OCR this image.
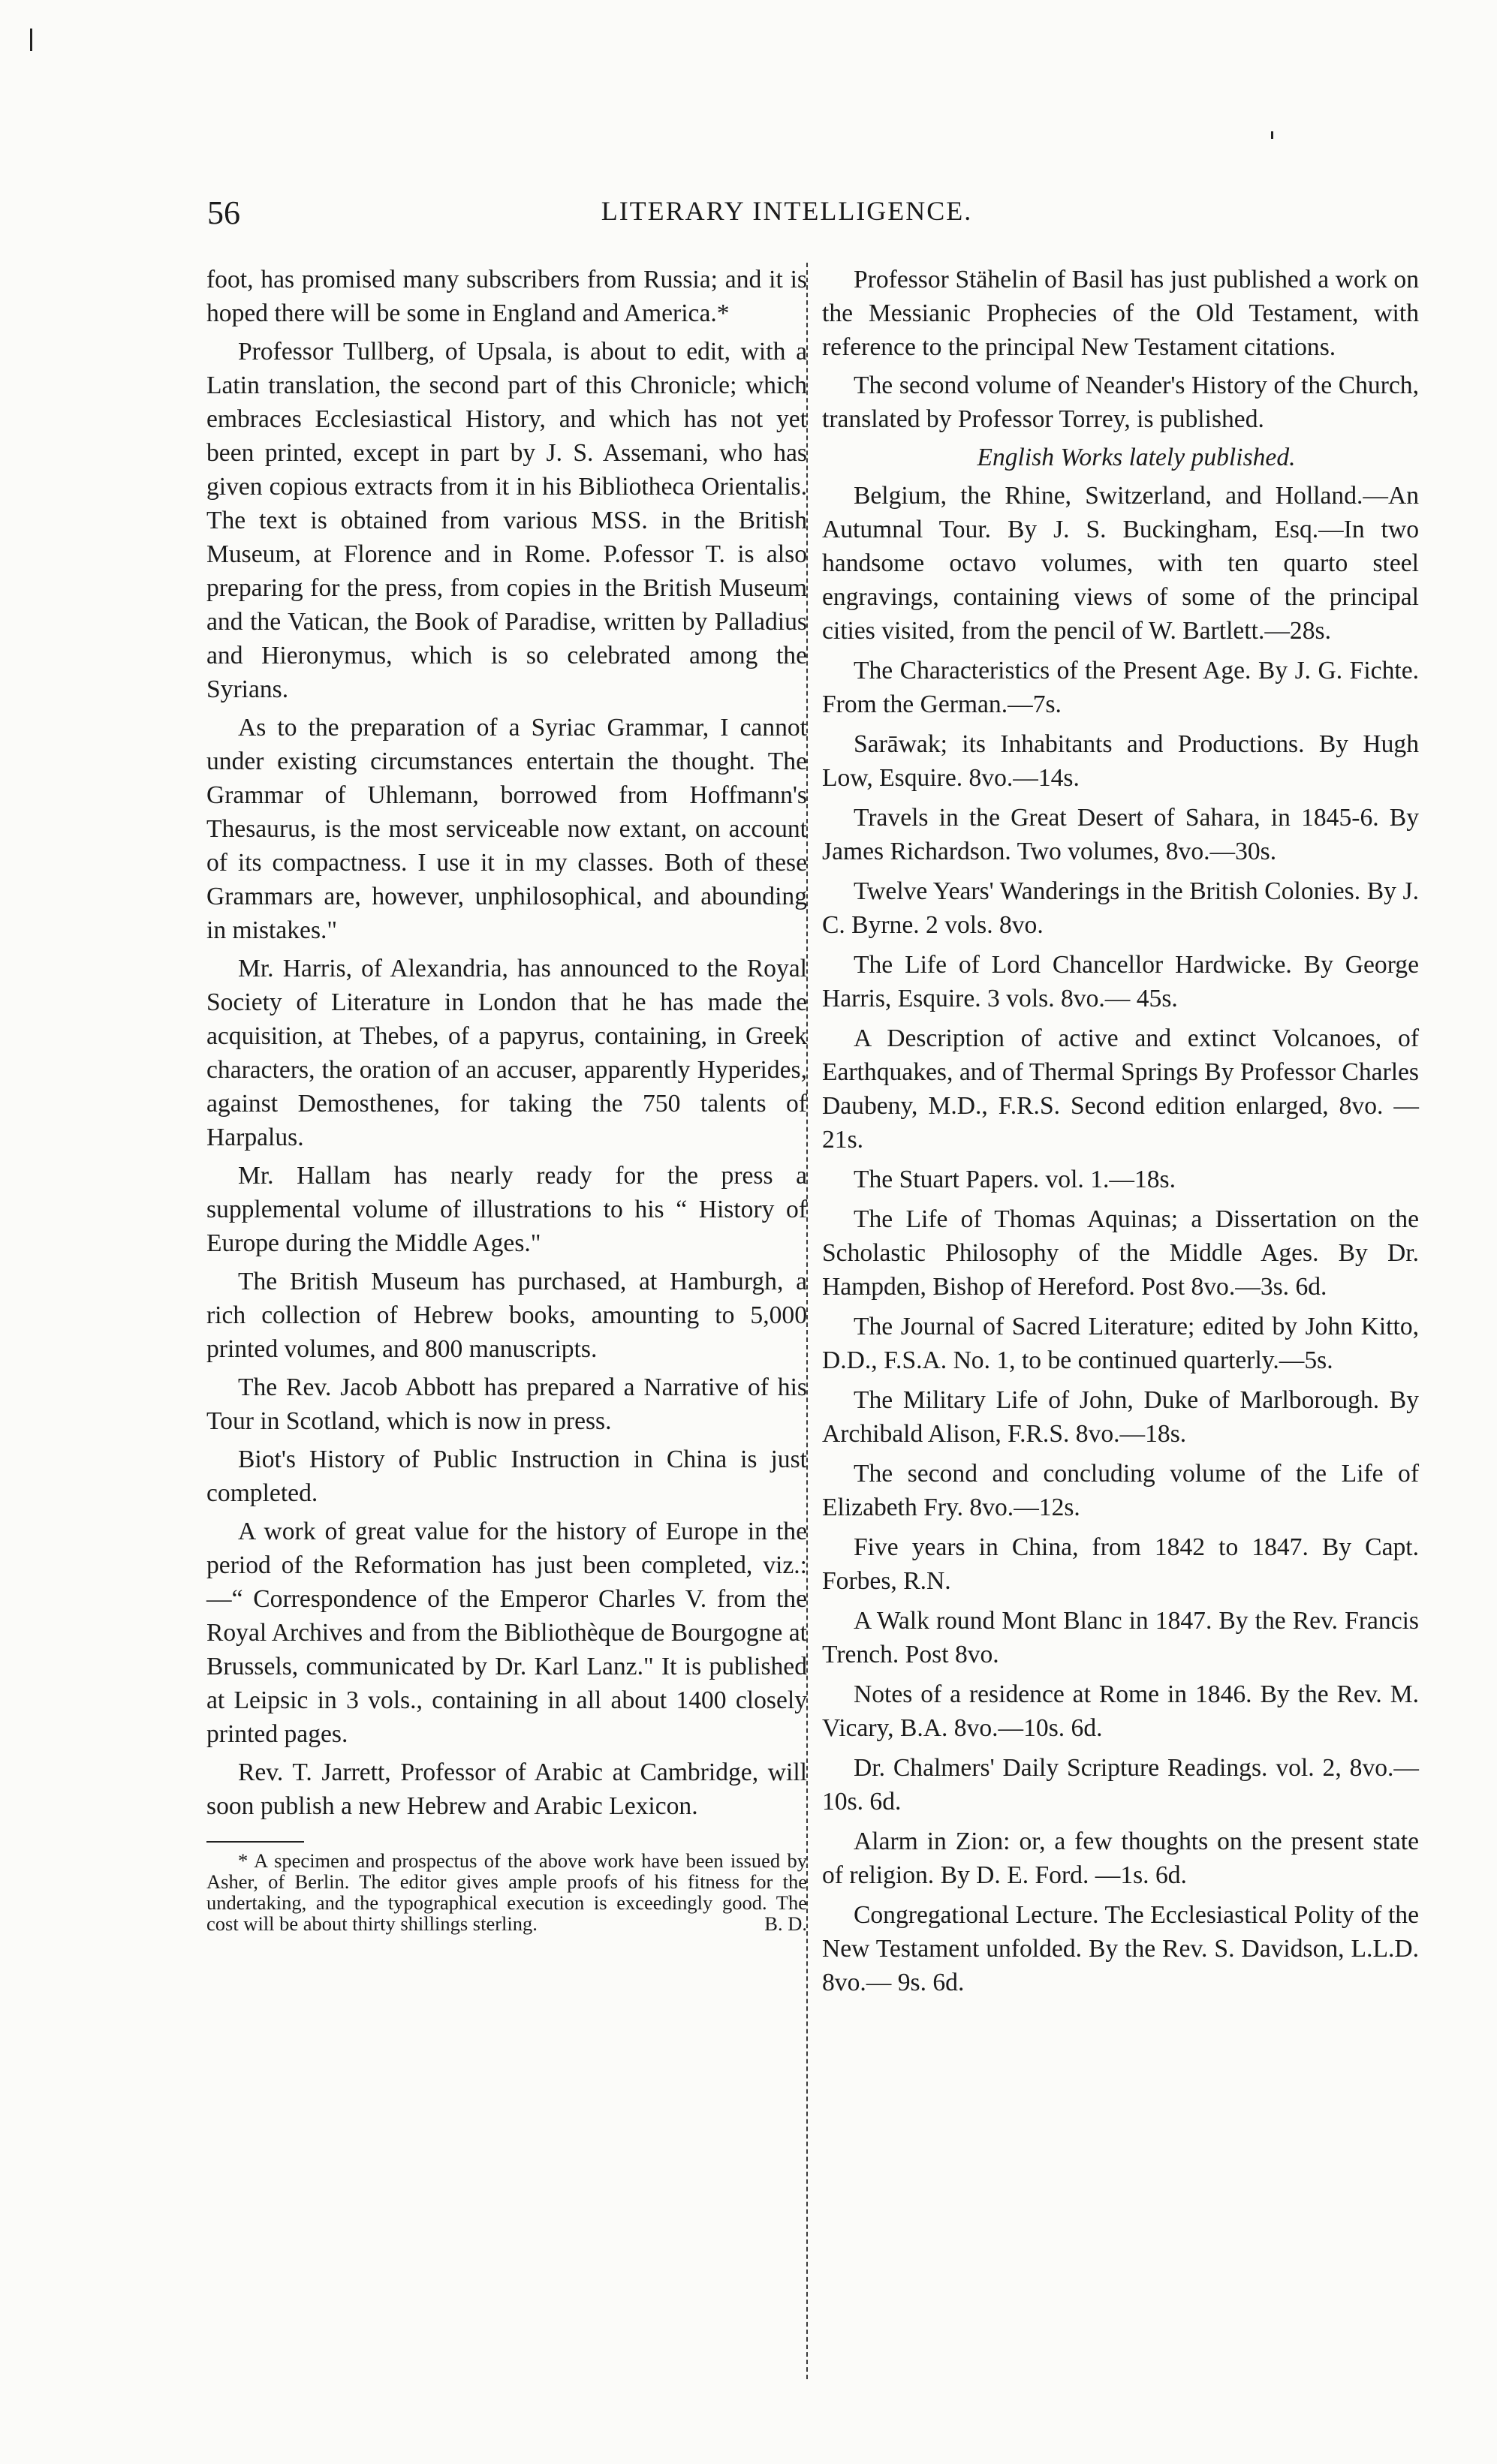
56	LITERARY INTELLIGENCE.

foot, has promised many subscribers from Russia; and it is hoped there will be some in England and America.*

Professor Tullberg, of Upsala, is about to edit, with a Latin translation, the second part of this Chronicle; which embraces Ecclesiastical History, and which has not yet been printed, except in part by J. S. Assemani, who has given copious extracts from it in his Bibliotheca Orientalis. The text is obtained from various MSS. in the British Museum, at Florence and in Rome. P.ofessor T. is also preparing for the press, from copies in the British Museum and the Vatican, the Book of Paradise, written by Palladius and Hieronymus, which is so celebrated among the Syrians.

As to the preparation of a Syriac Grammar, I cannot under existing circumstances entertain the thought. The Grammar of Uhlemann, borrowed from Hoffmann's Thesaurus, is the most serviceable now extant, on account of its compactness. I use it in my classes. Both of these Grammars are, however, unphilosophical, and abounding in mistakes."

Mr. Harris, of Alexandria, has announced to the Royal Society of Literature in London that he has made the acquisition, at Thebes, of a papyrus, containing, in Greek characters, the oration of an accuser, apparently Hyperides, against Demosthenes, for taking the 750 talents of Harpalus.

Mr. Hallam has nearly ready for the press a supplemental volume of illustrations to his “ History of Europe during the Middle Ages."

The British Museum has purchased, at Hamburgh, a rich collection of Hebrew books, amounting to 5,000 printed volumes, and 800 manuscripts.

The Rev. Jacob Abbott has prepared a Narrative of his Tour in Scotland, which is now in press.

Biot's History of Public Instruction in China is just completed.

A work of great value for the history of Europe in the period of the Reformation has just been completed, viz.:—“ Correspondence of the Emperor Charles V. from the Royal Archives and from the Bibliothèque de Bourgogne at Brussels, communicated by Dr. Karl Lanz." It is published at Leipsic in 3 vols., containing in all about 1400 closely printed pages.

Rev. T. Jarrett, Professor of Arabic at Cambridge, will soon publish a new Hebrew and Arabic Lexicon.

* A specimen and prospectus of the above work have been issued by Asher, of Berlin. The editor gives ample proofs of his fitness for the undertaking, and the typographical execution is exceedingly good. The cost will be about thirty shillings sterling.	B. D.

Professor Stähelin of Basil has just published a work on the Messianic Prophecies of the Old Testament, with reference to the principal New Testament citations.

The second volume of Neander's History of the Church, translated by Professor Torrey, is published.

English Works lately published.

Belgium, the Rhine, Switzerland, and Holland.—An Autumnal Tour. By J. S. Buckingham, Esq.—In two handsome octavo volumes, with ten quarto steel engravings, containing views of some of the principal cities visited, from the pencil of W. Bartlett.—28s.

The Characteristics of the Present Age. By J. G. Fichte. From the German.—7s.

Sarāwak; its Inhabitants and Productions. By Hugh Low, Esquire. 8vo.—14s.

Travels in the Great Desert of Sahara, in 1845-6. By James Richardson. Two volumes, 8vo.—30s.

Twelve Years' Wanderings in the British Colonies. By J. C. Byrne. 2 vols. 8vo.

The Life of Lord Chancellor Hardwicke. By George Harris, Esquire. 3 vols. 8vo.— 45s.

A Description of active and extinct Volcanoes, of Earthquakes, and of Thermal Springs By Professor Charles Daubeny, M.D., F.R.S. Second edition enlarged, 8vo. —21s.

The Stuart Papers. vol. 1.—18s.

The Life of Thomas Aquinas; a Dissertation on the Scholastic Philosophy of the Middle Ages. By Dr. Hampden, Bishop of Hereford. Post 8vo.—3s. 6d.

The Journal of Sacred Literature; edited by John Kitto, D.D., F.S.A. No. 1, to be continued quarterly.—5s.

The Military Life of John, Duke of Marlborough. By Archibald Alison, F.R.S. 8vo.—18s.

The second and concluding volume of the Life of Elizabeth Fry. 8vo.—12s.

Five years in China, from 1842 to 1847. By Capt. Forbes, R.N.

A Walk round Mont Blanc in 1847. By the Rev. Francis Trench. Post 8vo.

Notes of a residence at Rome in 1846. By the Rev. M. Vicary, B.A. 8vo.—10s. 6d.

Dr. Chalmers' Daily Scripture Readings. vol. 2, 8vo.—10s. 6d.

Alarm in Zion: or, a few thoughts on the present state of religion. By D. E. Ford. —1s. 6d.

Congregational Lecture. The Ecclesiastical Polity of the New Testament unfolded. By the Rev. S. Davidson, L.L.D. 8vo.— 9s. 6d.
